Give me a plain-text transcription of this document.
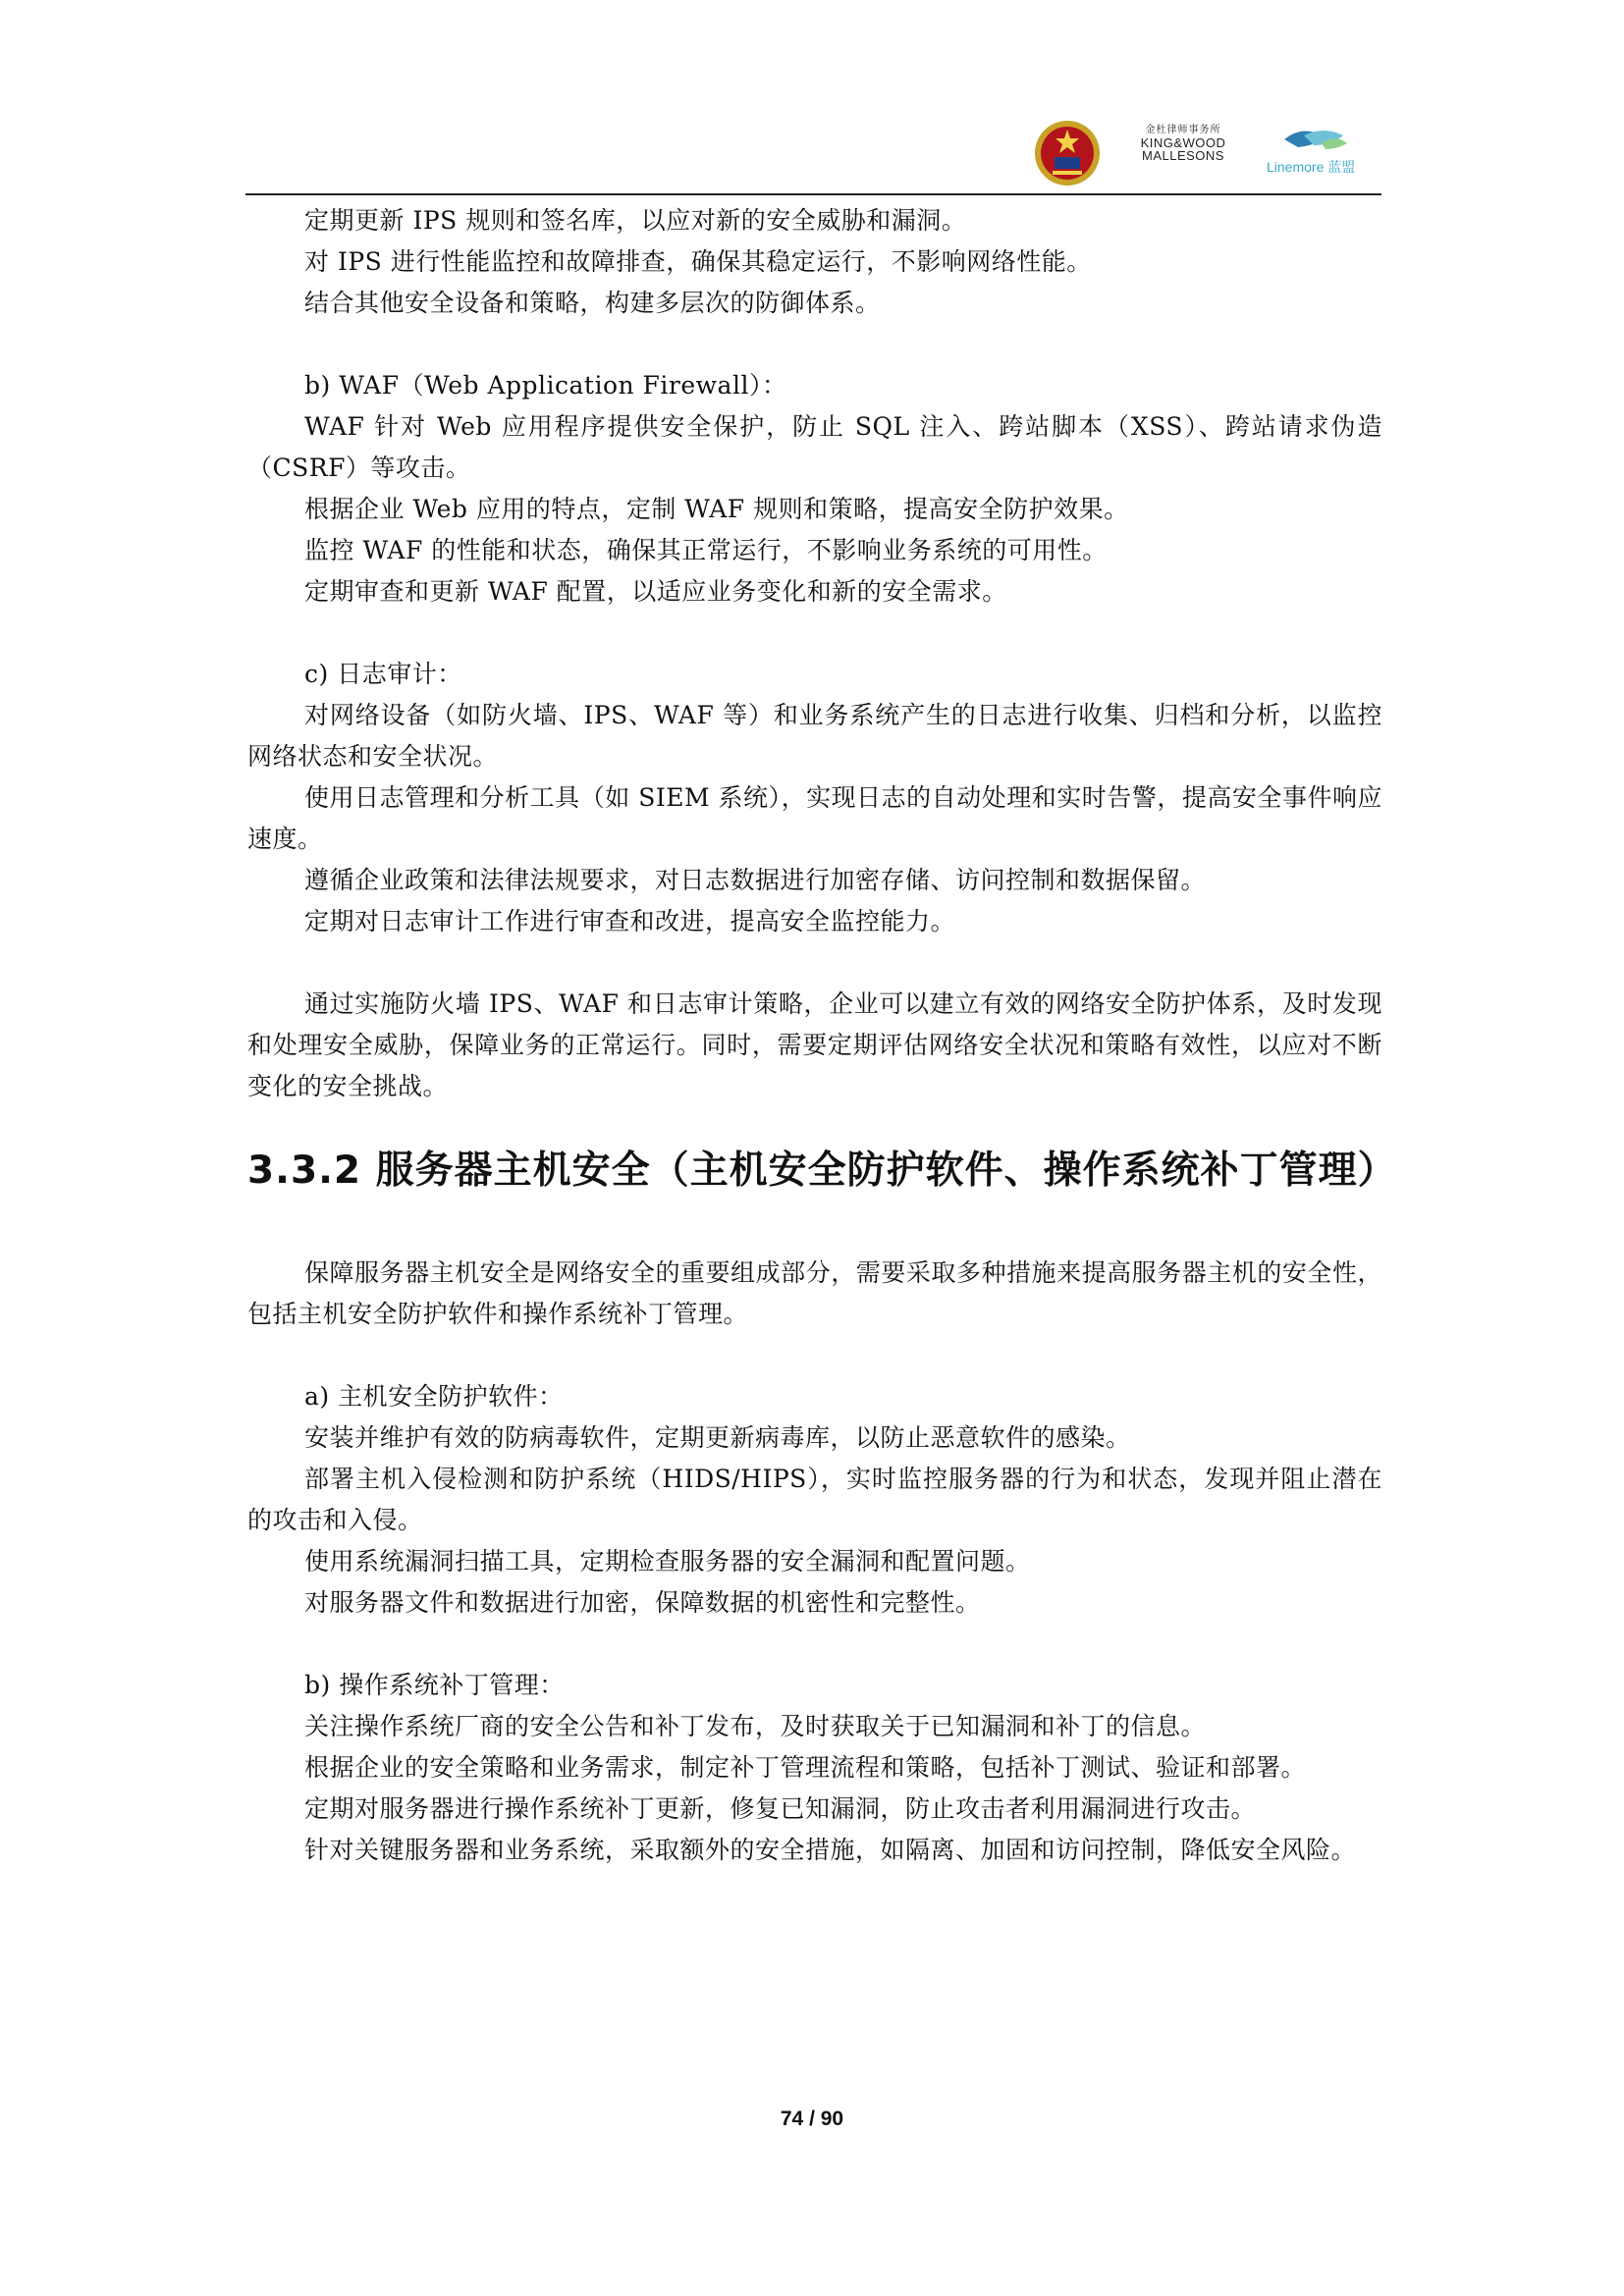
金杜律师事务所
KING&WOOD
MALLESONS
Linemore 蓝盟

定期更新 IPS 规则和签名库，以应对新的安全威胁和漏洞。

对 IPS 进行性能监控和故障排查，确保其稳定运行，不影响网络性能。

结合其他安全设备和策略，构建多层次的防御体系。

b) WAF（Web Application Firewall）：

WAF 针对 Web 应用程序提供安全保护，防止 SQL 注入、跨站脚本（XSS）、跨站请求伪造（CSRF）等攻击。

根据企业 Web 应用的特点，定制 WAF 规则和策略，提高安全防护效果。

监控 WAF 的性能和状态，确保其正常运行，不影响业务系统的可用性。

定期审查和更新 WAF 配置，以适应业务变化和新的安全需求。

c) 日志审计：

对网络设备（如防火墙、IPS、WAF 等）和业务系统产生的日志进行收集、归档和分析，以监控网络状态和安全状况。

使用日志管理和分析工具（如 SIEM 系统），实现日志的自动处理和实时告警，提高安全事件响应速度。

遵循企业政策和法律法规要求，对日志数据进行加密存储、访问控制和数据保留。

定期对日志审计工作进行审查和改进，提高安全监控能力。

通过实施防火墙 IPS、WAF 和日志审计策略，企业可以建立有效的网络安全防护体系，及时发现和处理安全威胁，保障业务的正常运行。同时，需要定期评估网络安全状况和策略有效性，以应对不断变化的安全挑战。

3.3.2 服务器主机安全（主机安全防护软件、操作系统补丁管理）

保障服务器主机安全是网络安全的重要组成部分，需要采取多种措施来提高服务器主机的安全性，包括主机安全防护软件和操作系统补丁管理。

a) 主机安全防护软件：

安装并维护有效的防病毒软件，定期更新病毒库，以防止恶意软件的感染。

部署主机入侵检测和防护系统（HIDS/HIPS），实时监控服务器的行为和状态，发现并阻止潜在的攻击和入侵。

使用系统漏洞扫描工具，定期检查服务器的安全漏洞和配置问题。

对服务器文件和数据进行加密，保障数据的机密性和完整性。

b) 操作系统补丁管理：

关注操作系统厂商的安全公告和补丁发布，及时获取关于已知漏洞和补丁的信息。

根据企业的安全策略和业务需求，制定补丁管理流程和策略，包括补丁测试、验证和部署。

定期对服务器进行操作系统补丁更新，修复已知漏洞，防止攻击者利用漏洞进行攻击。

针对关键服务器和业务系统，采取额外的安全措施，如隔离、加固和访问控制，降低安全风险。

74 / 90
